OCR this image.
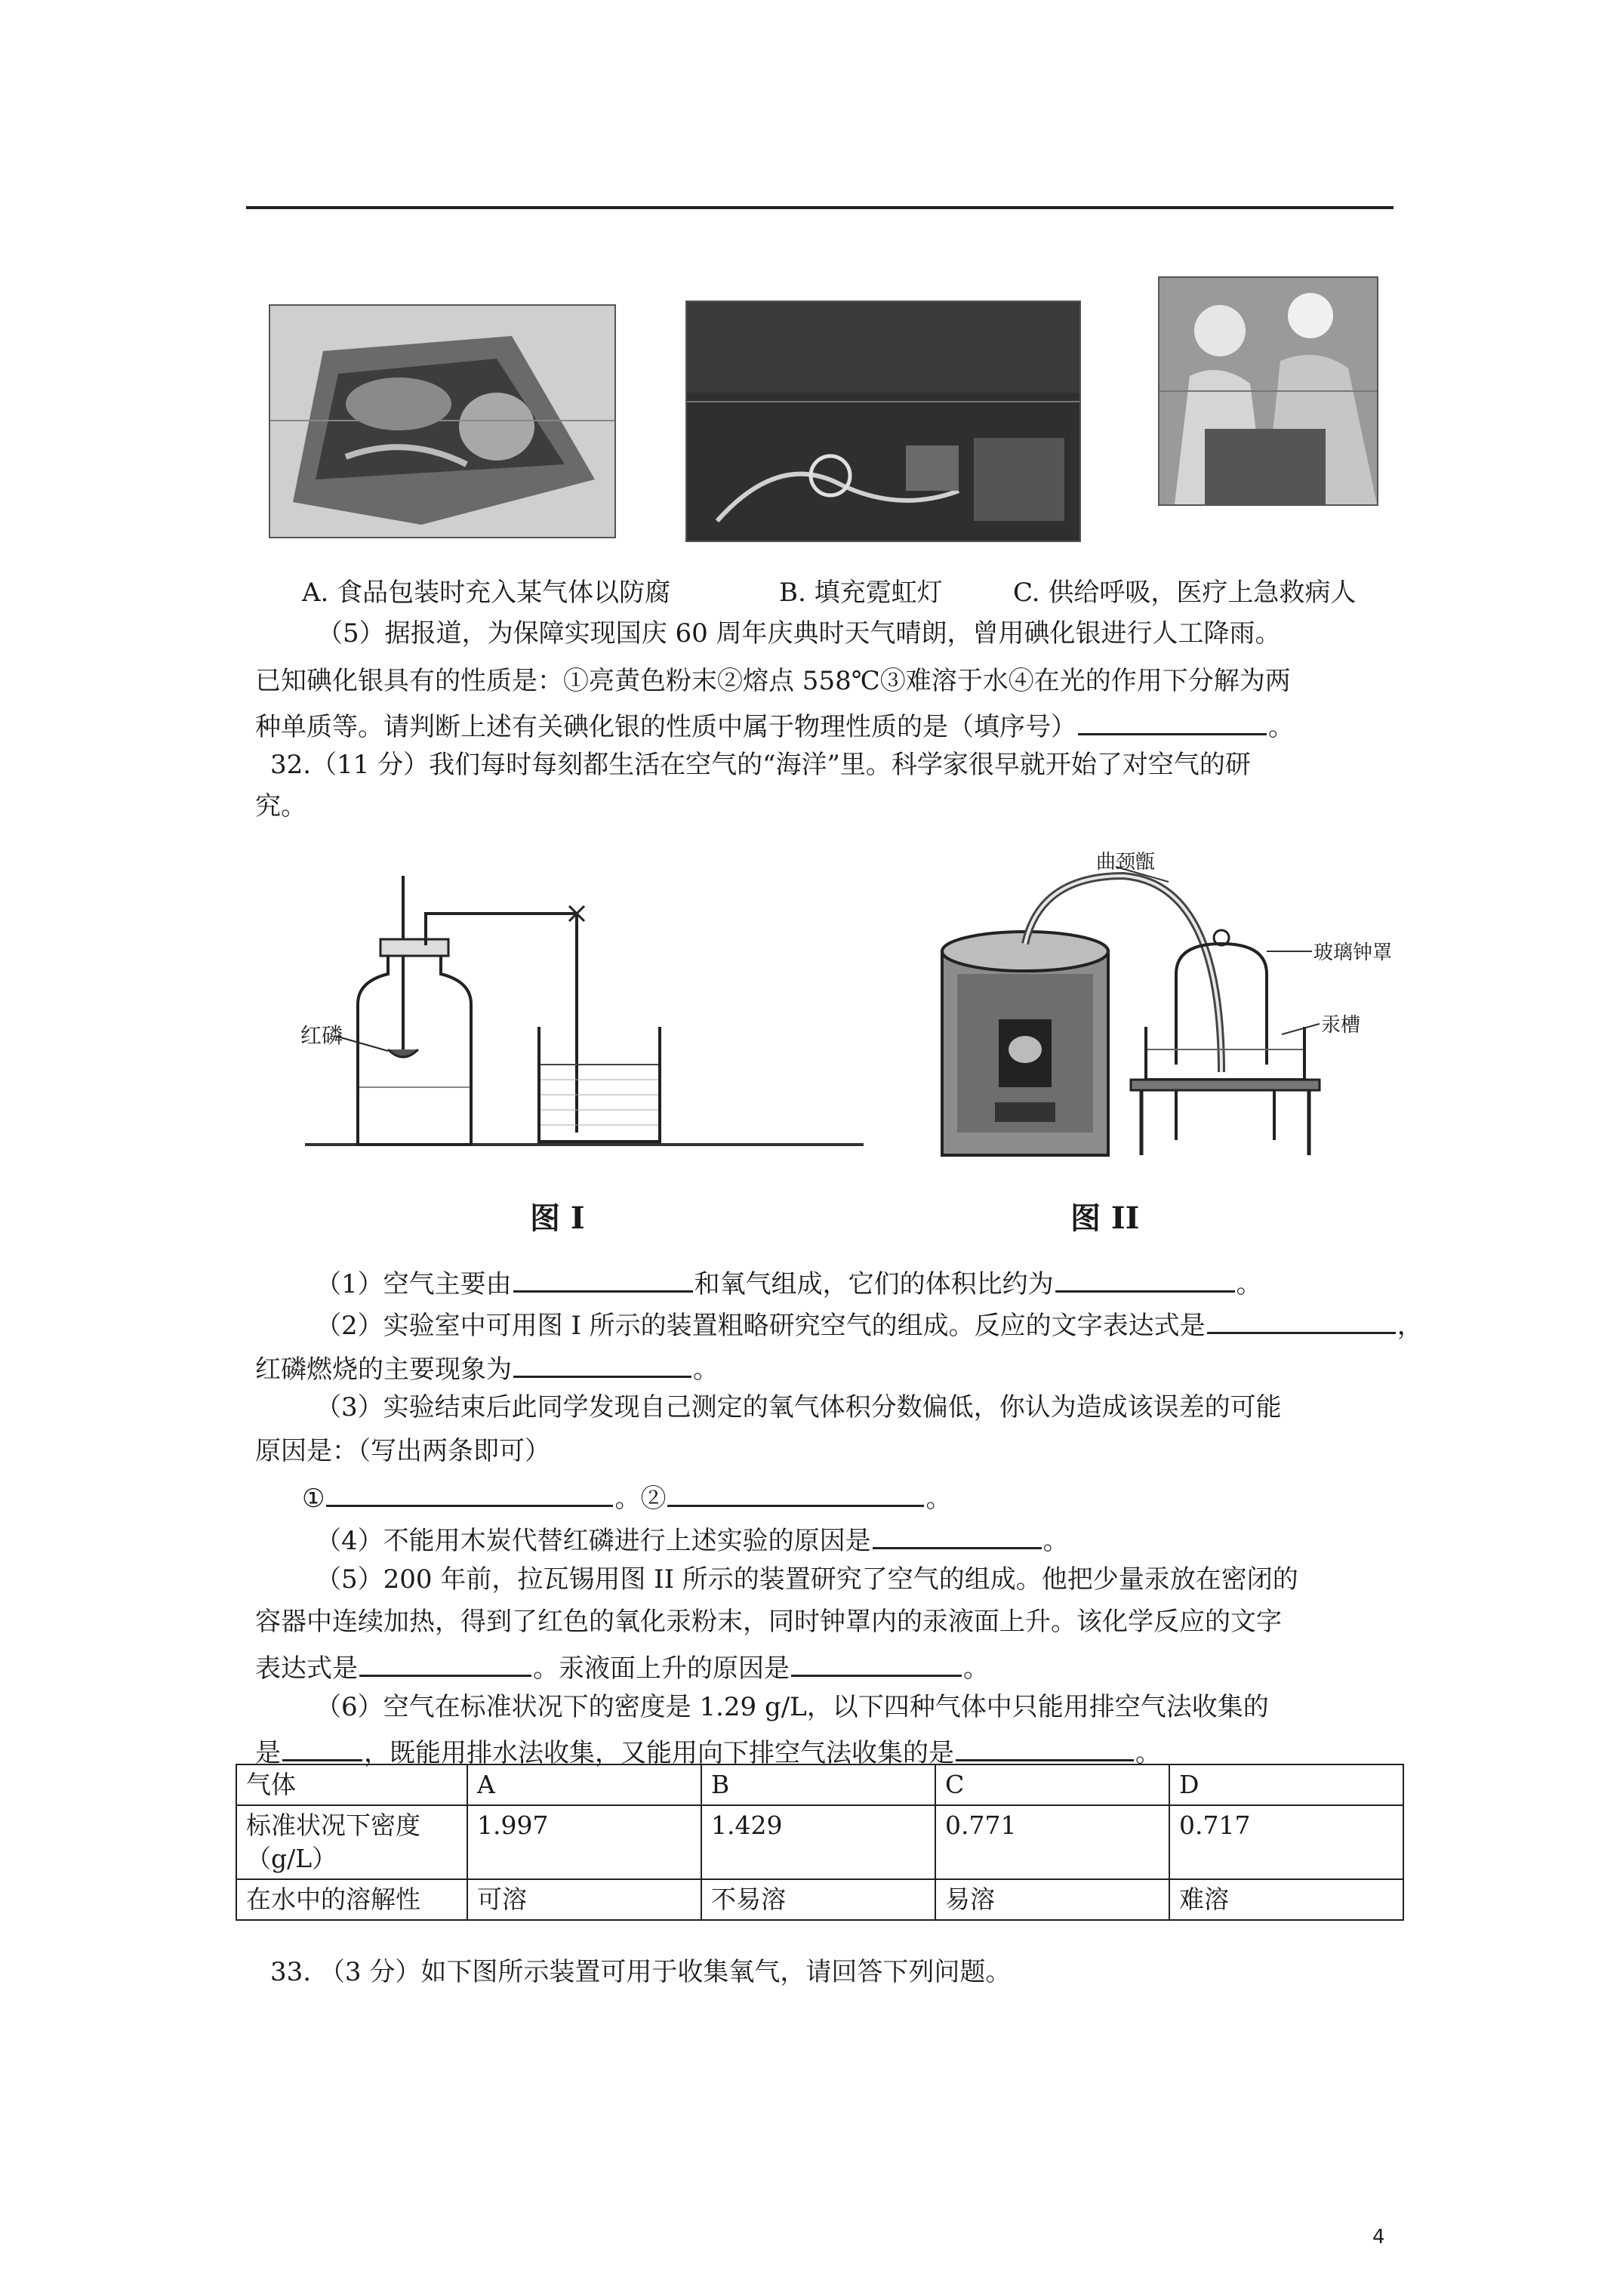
A. 食品包装时充入某气体以防腐	B. 填充霓虹灯	C. 供给呼吸，医疗上急救病人
（5）据报道，为保障实现国庆 60 周年庆典时天气晴朗，曾用碘化银进行人工降雨。
已知碘化银具有的性质是：①亮黄色粉末②熔点 558℃③难溶于水④在光的作用下分解为两
种单质等。请判断上述有关碘化银的性质中属于物理性质的是（填序号）	。
32.（11 分）我们每时每刻都生活在空气的“海洋”里。科学家很早就开始了对空气的研
究。
红磷
图 I
曲颈甑
玻璃钟罩
汞槽
图 II
（1）空气主要由	和氧气组成，它们的体积比约为	。
（2）实验室中可用图 I 所示的装置粗略研究空气的组成。反应的文字表达式是	，
红磷燃烧的主要现象为	。
（3）实验结束后此同学发现自己测定的氧气体积分数偏低，你认为造成该误差的可能
原因是：（写出两条即可）
①	。②	。
（4）不能用木炭代替红磷进行上述实验的原因是	。
（5）200 年前，拉瓦锡用图 II 所示的装置研究了空气的组成。他把少量汞放在密闭的
容器中连续加热，得到了红色的氧化汞粉末，同时钟罩内的汞液面上升。该化学反应的文字
表达式是	。汞液面上升的原因是	。
（6）空气在标准状况下的密度是 1.29 g/L，以下四种气体中只能用排空气法收集的
是	，既能用排水法收集，又能用向下排空气法收集的是	。
气体	A	B	C	D
标准状况下密度（g/L）	1.997	1.429	0.771	0.717
在水中的溶解性	可溶	不易溶	易溶	难溶
33. （3 分）如下图所示装置可用于收集氧气，请回答下列问题。
4
